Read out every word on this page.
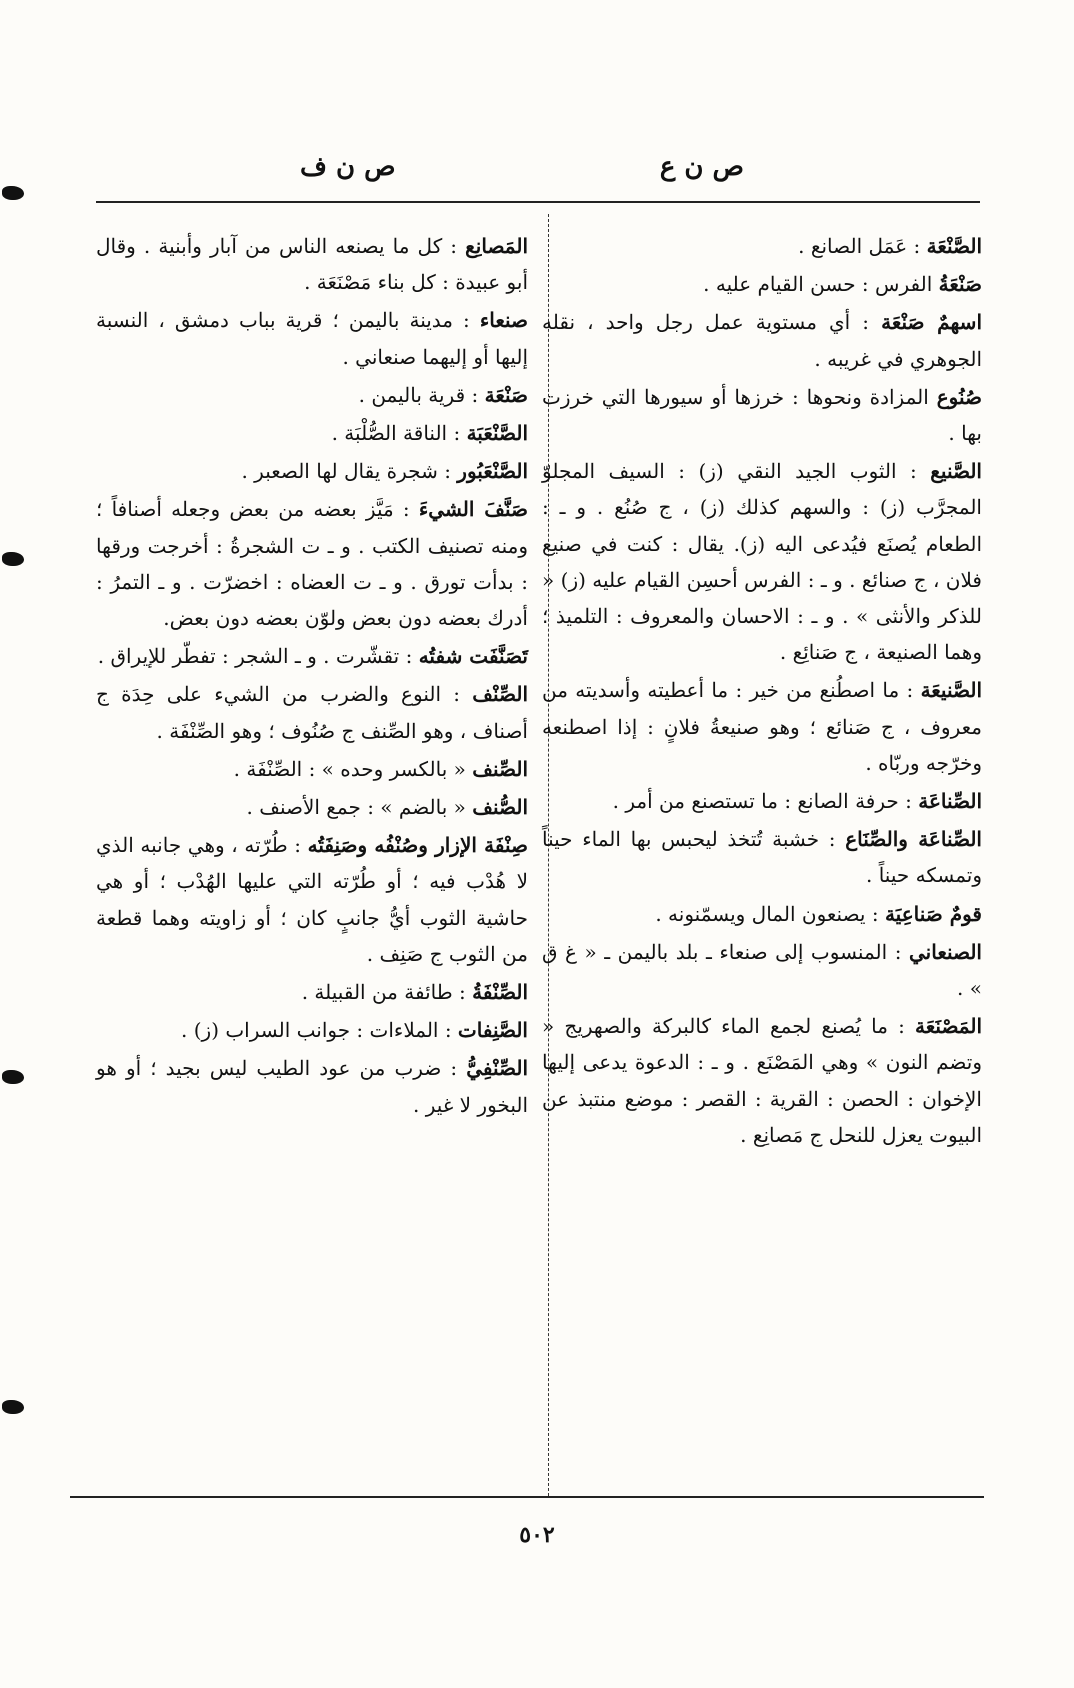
ص ن ع
ص ن ف

الصَّنْعَة : عَمَل الصانع .

صَنْعَةُ الفرس : حسن القيام عليه .

اسهمٌ صَنْعَة : أي مستوية عمل رجل واحد ، نقله الجوهري في غريبه .

صُنُوع المزادة ونحوها : خرزها أو سيورها التي خرزت بها .

الصَّنيع : الثوب الجيد النقي (ز) : السيف المجلوّ المجرَّب (ز) : والسهم كذلك (ز) ، ج صُنُع . و ـ : الطعام يُصنَع فيُدعى اليه (ز). يقال : كنت في صنيع فلان ، ج صنائع . و ـ : الفرس أحسِن القيام عليه (ز) « للذكر والأنثى » . و ـ : الاحسان والمعروف : التلميذ ؛ وهما الصنيعة ، ج صَنائِع .

الصَّنيعَة : ما اصطُنع من خير : ما أعطيته وأسديته من معروف ، ج صَنائع ؛ وهو صنيعةُ فلانٍ : إذا اصطنعه وخرّجه وربّاه .

الصِّناعَة : حرفة الصانع : ما تستصنع من أمر .

الصِّناعَة والصِّنَاع : خشبة تُتخذ ليحبس بها الماء حيناً وتمسكه حيناً .

قومٌ صَناعِيَة : يصنعون المال ويسمّنونه .

الصنعاني : المنسوب إلى صنعاء ـ بلد باليمن ـ « غ ق » .

المَصْنَعَة : ما يُصنع لجمع الماء كالبركة والصهريج « وتضم النون » وهي المَصْنَع . و ـ : الدعوة يدعى إليها الإخوان : الحصن : القرية : القصر : موضع منتبذ عن البيوت يعزل للنحل ج مَصانِع .

المَصانِع : كل ما يصنعه الناس من آبار وأبنية . وقال أبو عبيدة : كل بناء مَصْنَعَة .

صنعاء : مدينة باليمن ؛ قرية بباب دمشق ، النسبة إليها أو إليهما صنعاني .

صَنْعَة : قرية باليمن .

الصَّنْعَبَة : الناقة الصُّلْبَة .

الصَّنْعَبُور : شجرة يقال لها الصعبر .

صَنَّفَ الشيءَ : مَيَّز بعضه من بعض وجعله أصنافاً ؛ ومنه تصنيف الكتب . و ـ ت الشجرةُ : أخرجت ورقها : بدأت تورق . و ـ ت العضاه : اخضرّت . و ـ التمرُ : أدرك بعضه دون بعض ولوّن بعضه دون بعض.

تَصَنَّفَت شفتُه : تقشّرت . و ـ الشجر : تفطّر للإيراق .

الصِّنْف : النوع والضرب من الشيء على حِدَة ج أصناف ، وهو الصِّنف ج صُنُوف ؛ وهو الصِّنْفَة .

الصِّنف « بالكسر وحده » : الصِّنْفَة .

الصُّنف « بالضم » : جمع الأصنف .

صِنْفَة الإزار وصُنْفُه وصَنِفَتُه : طُرّته ، وهي جانبه الذي لا هُدْب فيه ؛ أو طُرّته التي عليها الهُدْب ؛ أو هي حاشية الثوب أيُّ جانبٍ كان ؛ أو زاويته وهما قطعة من الثوب ج صَنِف .

الصِّنْفَةُ : طائفة من القبيلة .

الصَّنِفات : الملاءات : جوانب السراب (ز) .

الصِّنْفِيُّ : ضرب من عود الطيب ليس بجيد ؛ أو هو البخور لا غير .

٥٠٢
